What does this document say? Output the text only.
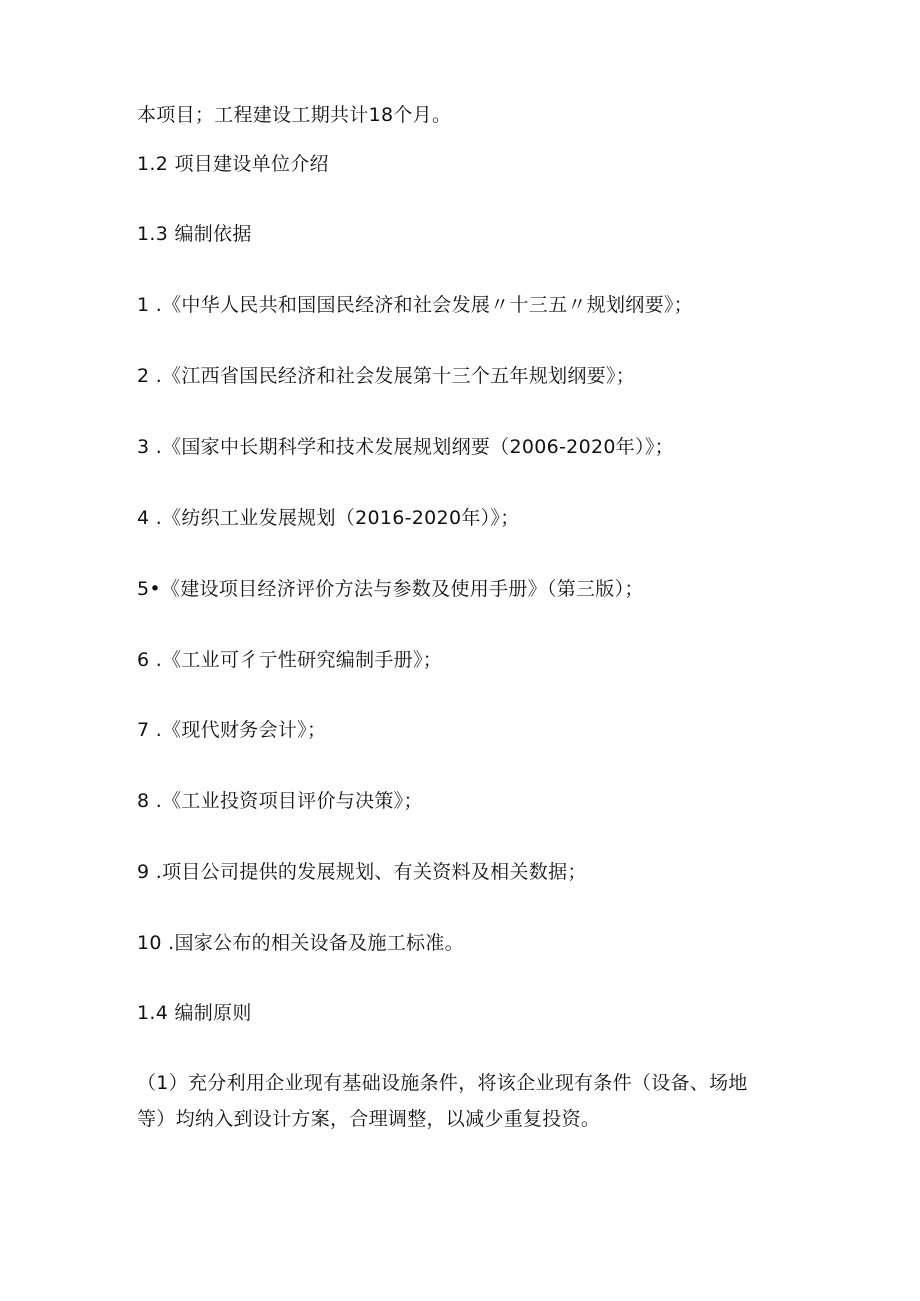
本项目；工程建设工期共计18个月。
1.2 项目建设单位介绍
1.3 编制依据
1 .《中华人民共和国国民经济和社会发展〃十三五〃规划纲要》；
2 .《江西省国民经济和社会发展第十三个五年规划纲要》；
3 .《国家中长期科学和技术发展规划纲要（2006-2020年）》；
4 .《纺织工业发展规划（2016-2020年）》；
5•《建设项目经济评价方法与参数及使用手册》（第三版）；
6 .《工业可彳亍性研究编制手册》；
7 .《现代财务会计》；
8 .《工业投资项目评价与决策》；
9 .项目公司提供的发展规划、有关资料及相关数据；
10 .国家公布的相关设备及施工标准。
1.4 编制原则

（1）充分利用企业现有基础设施条件，将该企业现有条件（设备、场地

等）均纳入到设计方案，合理调整，以减少重复投资。
